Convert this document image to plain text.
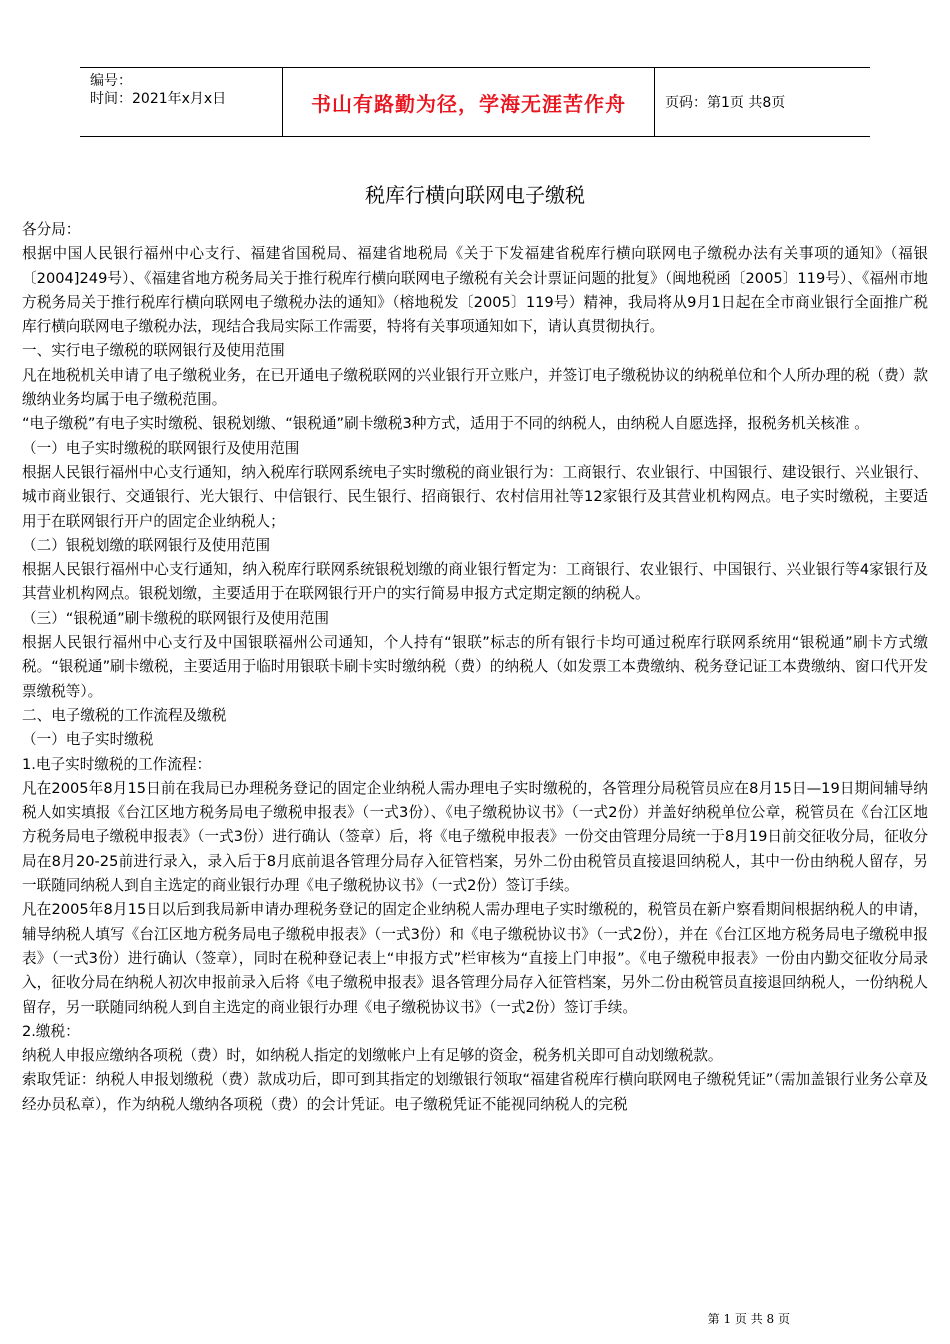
编号：
时间：2021年x月x日	书山有路勤为径，学海无涯苦作舟	页码：第1页 共8页
税库行横向联网电子缴税

各分局：

根据中国人民银行福州中心支行、福建省国税局、福建省地税局《关于下发福建省税库行横向联网电子缴税办法有关事项的通知》（福银〔2004]249号）、《福建省地方税务局关于推行税库行横向联网电子缴税有关会计票证问题的批复》（闽地税函〔2005〕119号）、《福州市地方税务局关于推行税库行横向联网电子缴税办法的通知》（榕地税发〔2005〕119号）精神，我局将从9月1日起在全市商业银行全面推广税库行横向联网电子缴税办法，现结合我局实际工作需要，特将有关事项通知如下，请认真贯彻执行。

一、实行电子缴税的联网银行及使用范围

凡在地税机关申请了电子缴税业务，在已开通电子缴税联网的兴业银行开立账户，并签订电子缴税协议的纳税单位和个人所办理的税（费）款缴纳业务均属于电子缴税范围。

“电子缴税”有电子实时缴税、银税划缴、“银税通”刷卡缴税3种方式，适用于不同的纳税人，由纳税人自愿选择，报税务机关核准 。

（一）电子实时缴税的联网银行及使用范围

根据人民银行福州中心支行通知，纳入税库行联网系统电子实时缴税的商业银行为：工商银行、农业银行、中国银行、建设银行、兴业银行、城市商业银行、交通银行、光大银行、中信银行、民生银行、招商银行、农村信用社等12家银行及其营业机构网点。电子实时缴税，主要适用于在联网银行开户的固定企业纳税人；

（二）银税划缴的联网银行及使用范围

根据人民银行福州中心支行通知，纳入税库行联网系统银税划缴的商业银行暂定为：工商银行、农业银行、中国银行、兴业银行等4家银行及其营业机构网点。银税划缴，主要适用于在联网银行开户的实行简易申报方式定期定额的纳税人。

（三）“银税通”刷卡缴税的联网银行及使用范围

根据人民银行福州中心支行及中国银联福州公司通知，个人持有“银联”标志的所有银行卡均可通过税库行联网系统用“银税通”刷卡方式缴税。“银税通”刷卡缴税，主要适用于临时用银联卡刷卡实时缴纳税（费）的纳税人（如发票工本费缴纳、税务登记证工本费缴纳、窗口代开发票缴税等）。

二、电子缴税的工作流程及缴税

（一）电子实时缴税

1.电子实时缴税的工作流程：

凡在2005年8月15日前在我局已办理税务登记的固定企业纳税人需办理电子实时缴税的，各管理分局税管员应在8月15日—19日期间辅导纳税人如实填报《台江区地方税务局电子缴税申报表》（一式3份）、《电子缴税协议书》（一式2份）并盖好纳税单位公章，税管员在《台江区地方税务局电子缴税申报表》（一式3份）进行确认（签章）后，将《电子缴税申报表》一份交由管理分局统一于8月19日前交征收分局，征收分局在8月20-25前进行录入，录入后于8月底前退各管理分局存入征管档案，另外二份由税管员直接退回纳税人，其中一份由纳税人留存，另一联随同纳税人到自主选定的商业银行办理《电子缴税协议书》（一式2份）签订手续。

凡在2005年8月15日以后到我局新申请办理税务登记的固定企业纳税人需办理电子实时缴税的，税管员在新户察看期间根据纳税人的申请，辅导纳税人填写《台江区地方税务局电子缴税申报表》（一式3份）和《电子缴税协议书》（一式2份），并在《台江区地方税务局电子缴税申报表》（一式3份）进行确认（签章），同时在税种登记表上“申报方式”栏审核为“直接上门申报”。《电子缴税申报表》一份由内勤交征收分局录入，征收分局在纳税人初次申报前录入后将《电子缴税申报表》退各管理分局存入征管档案，另外二份由税管员直接退回纳税人，一份纳税人留存，另一联随同纳税人到自主选定的商业银行办理《电子缴税协议书》（一式2份）签订手续。

2.缴税：

纳税人申报应缴纳各项税（费）时，如纳税人指定的划缴帐户上有足够的资金，税务机关即可自动划缴税款。

索取凭证：纳税人申报划缴税（费）款成功后，即可到其指定的划缴银行领取“福建省税库行横向联网电子缴税凭证”（需加盖银行业务公章及经办员私章），作为纳税人缴纳各项税（费）的会计凭证。电子缴税凭证不能视同纳税人的完税

第 1 页 共 8 页
